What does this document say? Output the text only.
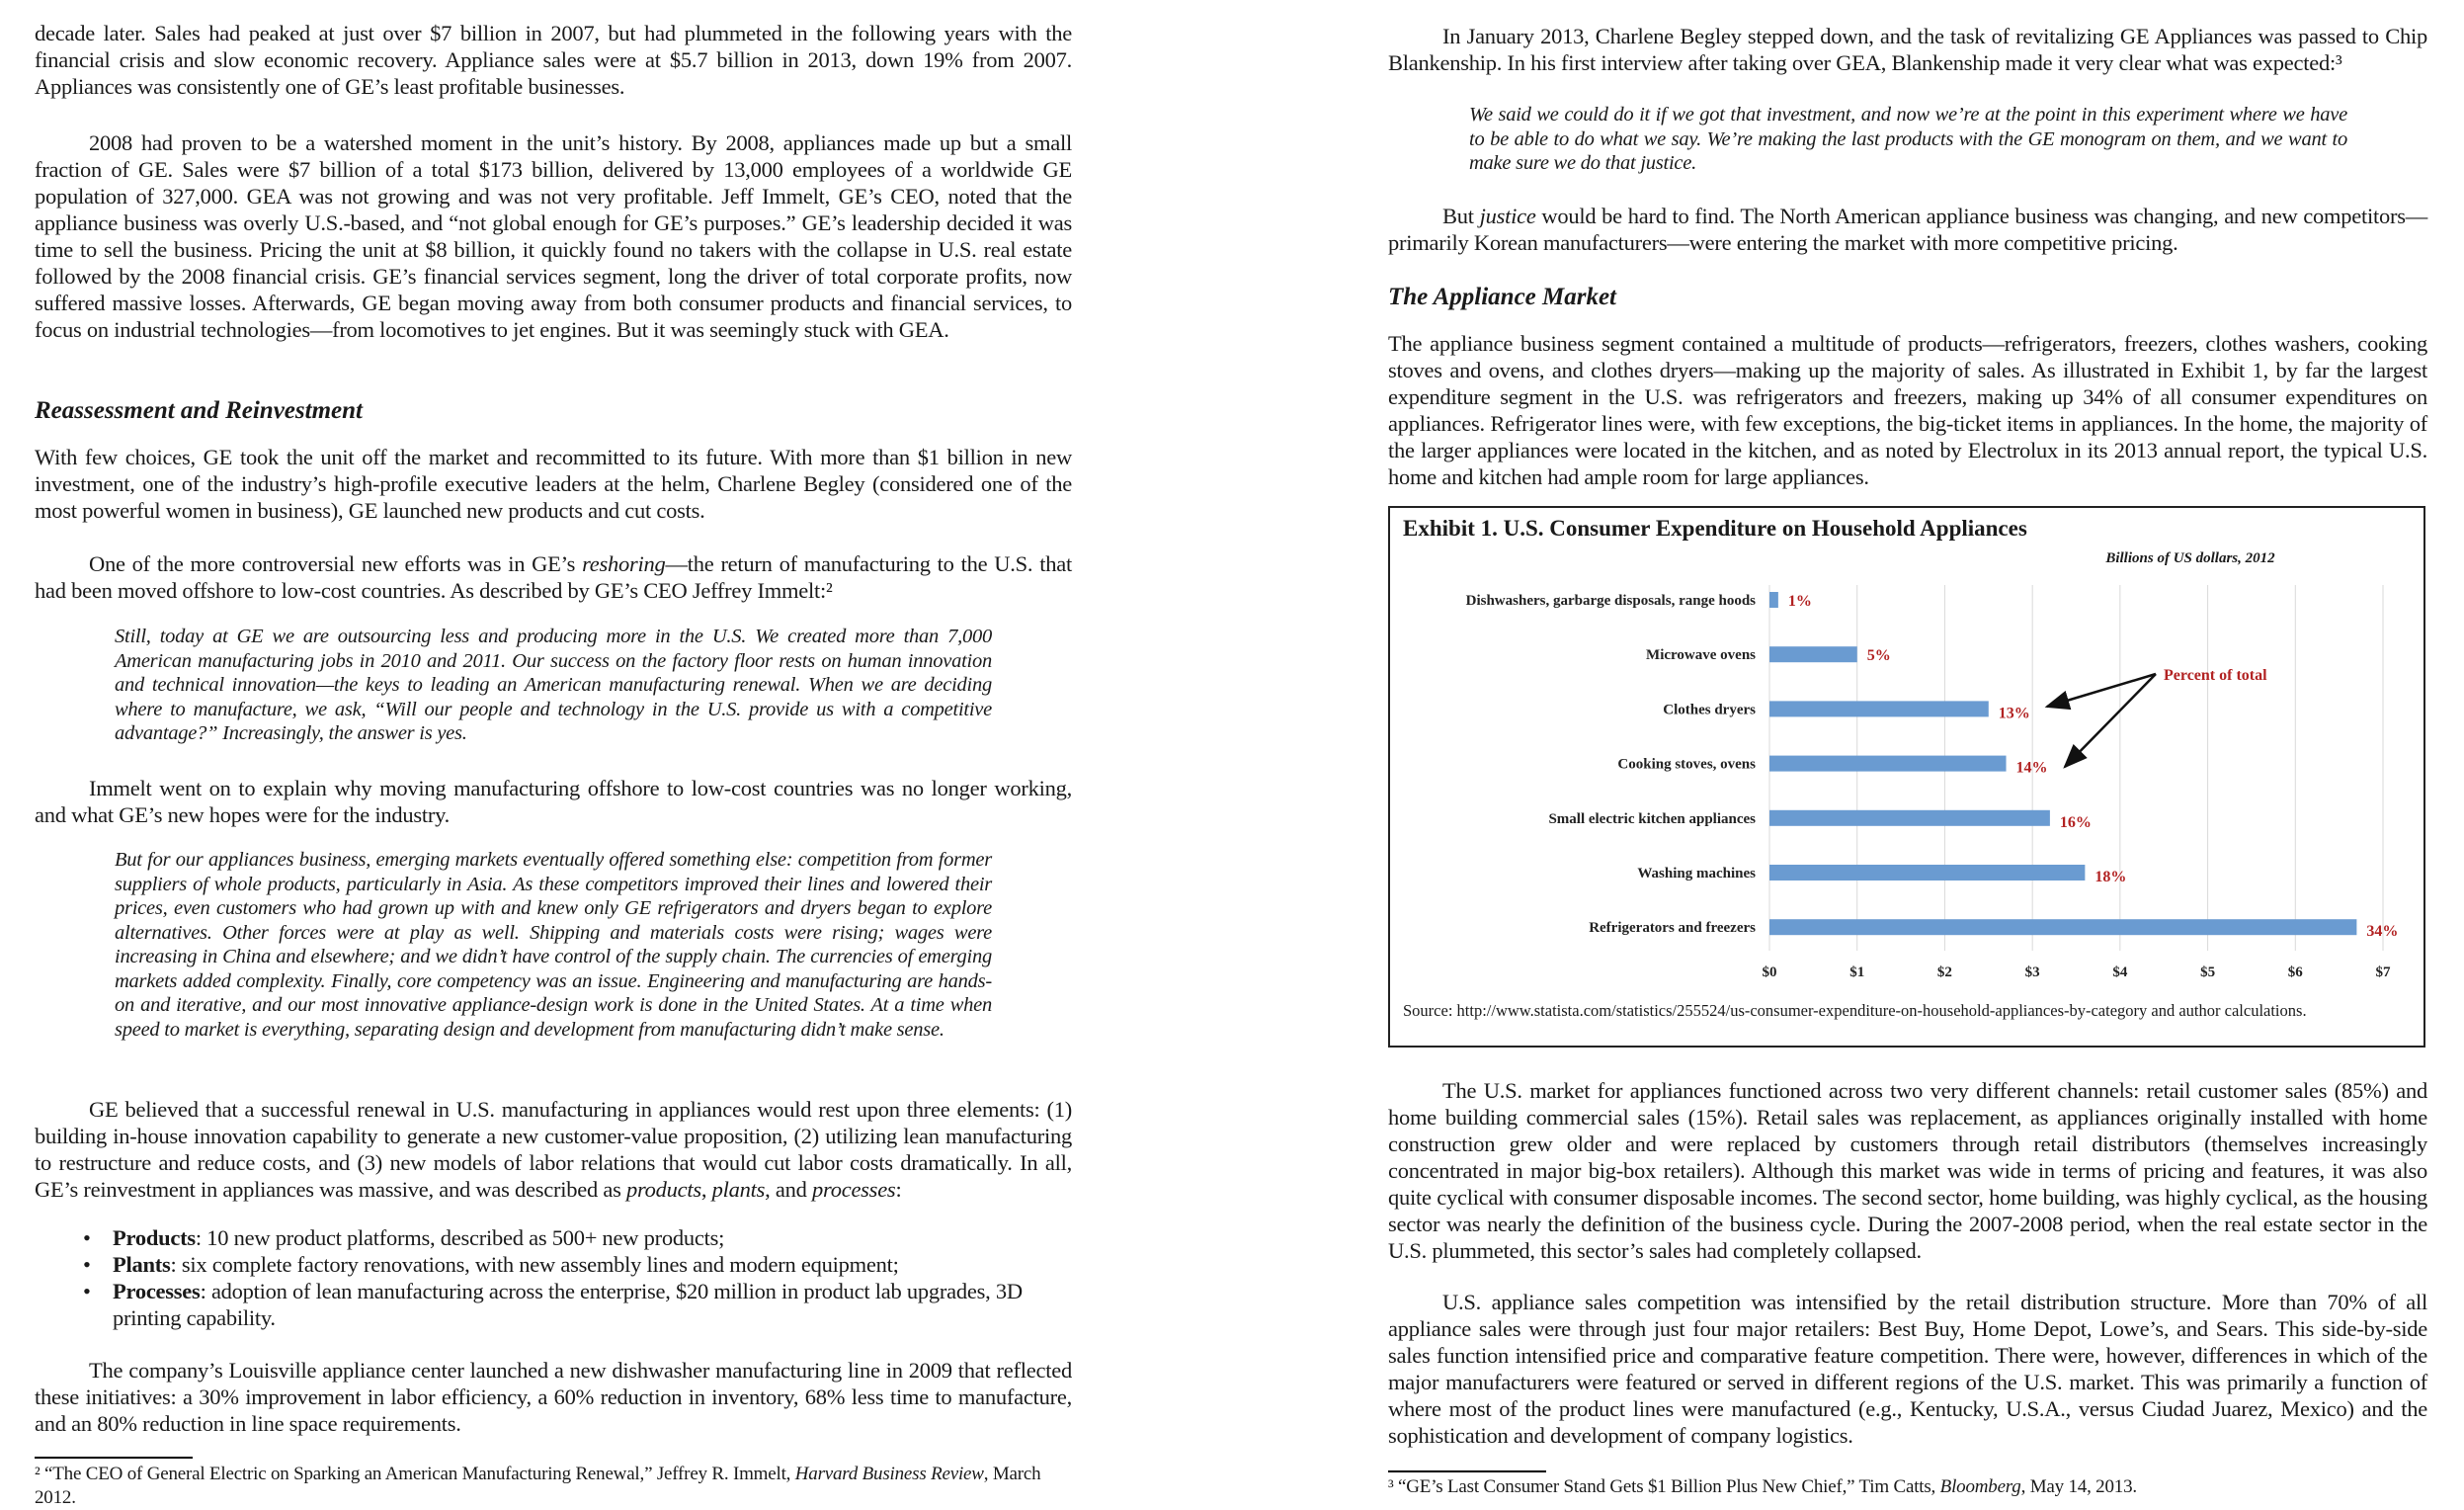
decade later. Sales had peaked at just over $7 billion in 2007, but had plummeted in the following years with the financial crisis and slow economic recovery. Appliance sales were at $5.7 billion in 2013, down 19% from 2007. Appliances was consistently one of GE’s least profitable businesses.

2008 had proven to be a watershed moment in the unit’s history. By 2008, appliances made up but a small fraction of GE. Sales were $7 billion of a total $173 billion, delivered by 13,000 employees of a worldwide GE population of 327,000. GEA was not growing and was not very profitable. Jeff Immelt, GE’s CEO, noted that the appliance business was overly U.S.-based, and “not global enough for GE’s purposes.” GE’s leadership decided it was time to sell the business. Pricing the unit at $8 billion, it quickly found no takers with the collapse in U.S. real estate followed by the 2008 financial crisis. GE’s financial services segment, long the driver of total corporate profits, now suffered massive losses. Afterwards, GE began moving away from both consumer products and financial services, to focus on industrial technologies—from locomotives to jet engines. But it was seemingly stuck with GEA.

Reassessment and Reinvestment

With few choices, GE took the unit off the market and recommitted to its future. With more than $1 billion in new investment, one of the industry’s high-profile executive leaders at the helm, Charlene Begley (considered one of the most powerful women in business), GE launched new products and cut costs.

One of the more controversial new efforts was in GE’s reshoring—the return of manufacturing to the U.S. that had been moved offshore to low-cost countries. As described by GE’s CEO Jeffrey Immelt:²

Still, today at GE we are outsourcing less and producing more in the U.S. We created more than 7,000 American manufacturing jobs in 2010 and 2011. Our success on the factory floor rests on human innovation and technical innovation—the keys to leading an American manufacturing renewal. When we are deciding where to manufacture, we ask, “Will our people and technology in the U.S. provide us with a competitive advantage?” Increasingly, the answer is yes.

Immelt went on to explain why moving manufacturing offshore to low-cost countries was no longer working, and what GE’s new hopes were for the industry.

But for our appliances business, emerging markets eventually offered something else: competition from former suppliers of whole products, particularly in Asia. As these competitors improved their lines and lowered their prices, even customers who had grown up with and knew only GE refrigerators and dryers began to explore alternatives. Other forces were at play as well. Shipping and materials costs were rising; wages were increasing in China and elsewhere; and we didn’t have control of the supply chain. The currencies of emerging markets added complexity. Finally, core competency was an issue. Engineering and manufacturing are hands-on and iterative, and our most innovative appliance-design work is done in the United States. At a time when speed to market is everything, separating design and development from manufacturing didn’t make sense.

GE believed that a successful renewal in U.S. manufacturing in appliances would rest upon three elements: (1) building in-house innovation capability to generate a new customer-value proposition, (2) utilizing lean manufacturing to restructure and reduce costs, and (3) new models of labor relations that would cut labor costs dramatically. In all, GE’s reinvestment in appliances was massive, and was described as products, plants, and processes:

• Products: 10 new product platforms, described as 500+ new products;
• Plants: six complete factory renovations, with new assembly lines and modern equipment;
• Processes: adoption of lean manufacturing across the enterprise, $20 million in product lab upgrades, 3D printing capability.

The company’s Louisville appliance center launched a new dishwasher manufacturing line in 2009 that reflected these initiatives: a 30% improvement in labor efficiency, a 60% reduction in inventory, 68% less time to manufacture, and an 80% reduction in line space requirements.

² “The CEO of General Electric on Sparking an American Manufacturing Renewal,” Jeffrey R. Immelt, Harvard Business Review, March 2012.

In January 2013, Charlene Begley stepped down, and the task of revitalizing GE Appliances was passed to Chip Blankenship. In his first interview after taking over GEA, Blankenship made it very clear what was expected:³

We said we could do it if we got that investment, and now we’re at the point in this experiment where we have to be able to do what we say. We’re making the last products with the GE monogram on them, and we want to make sure we do that justice.

But justice would be hard to find. The North American appliance business was changing, and new competitors—primarily Korean manufacturers—were entering the market with more competitive pricing.

The Appliance Market

The appliance business segment contained a multitude of products—refrigerators, freezers, clothes washers, cooking stoves and ovens, and clothes dryers—making up the majority of sales. As illustrated in Exhibit 1, by far the largest expenditure segment in the U.S. was refrigerators and freezers, making up 34% of all consumer expenditures on appliances. Refrigerator lines were, with few exceptions, the big-ticket items in appliances. In the home, the majority of the larger appliances were located in the kitchen, and as noted by Electrolux in its 2013 annual report, the typical U.S. home and kitchen had ample room for large appliances.

Exhibit 1. U.S. Consumer Expenditure on Household Appliances
Billions of US dollars, 2012
$0	$1	$2	$3	$4	$5	$6	$7
Dishwashers, garbarge disposals, range hoods 1%
Microwave ovens	5%
Clothes dryers	13%
Cooking stoves, ovens	14%
Small electric kitchen appliances	16%
Washing machines	18%
Refrigerators and freezers	34%
Percent of total
Source: http://www.statista.com/statistics/255524/us-consumer-expenditure-on-household-appliances-by-category and author calculations.

The U.S. market for appliances functioned across two very different channels: retail customer sales (85%) and home building commercial sales (15%). Retail sales was replacement, as appliances originally installed with home construction grew older and were replaced by customers through retail distributors (themselves increasingly concentrated in major big-box retailers). Although this market was wide in terms of pricing and features, it was also quite cyclical with consumer disposable incomes. The second sector, home building, was highly cyclical, as the housing sector was nearly the definition of the business cycle. During the 2007-2008 period, when the real estate sector in the U.S. plummeted, this sector’s sales had completely collapsed.

U.S. appliance sales competition was intensified by the retail distribution structure. More than 70% of all appliance sales were through just four major retailers: Best Buy, Home Depot, Lowe’s, and Sears. This side-by-side sales function intensified price and comparative feature competition. There were, however, differences in which of the major manufacturers were featured or served in different regions of the U.S. market. This was primarily a function of where most of the product lines were manufactured (e.g., Kentucky, U.S.A., versus Ciudad Juarez, Mexico) and the sophistication and development of company logistics.

³ “GE’s Last Consumer Stand Gets $1 Billion Plus New Chief,” Tim Catts, Bloomberg, May 14, 2013.
